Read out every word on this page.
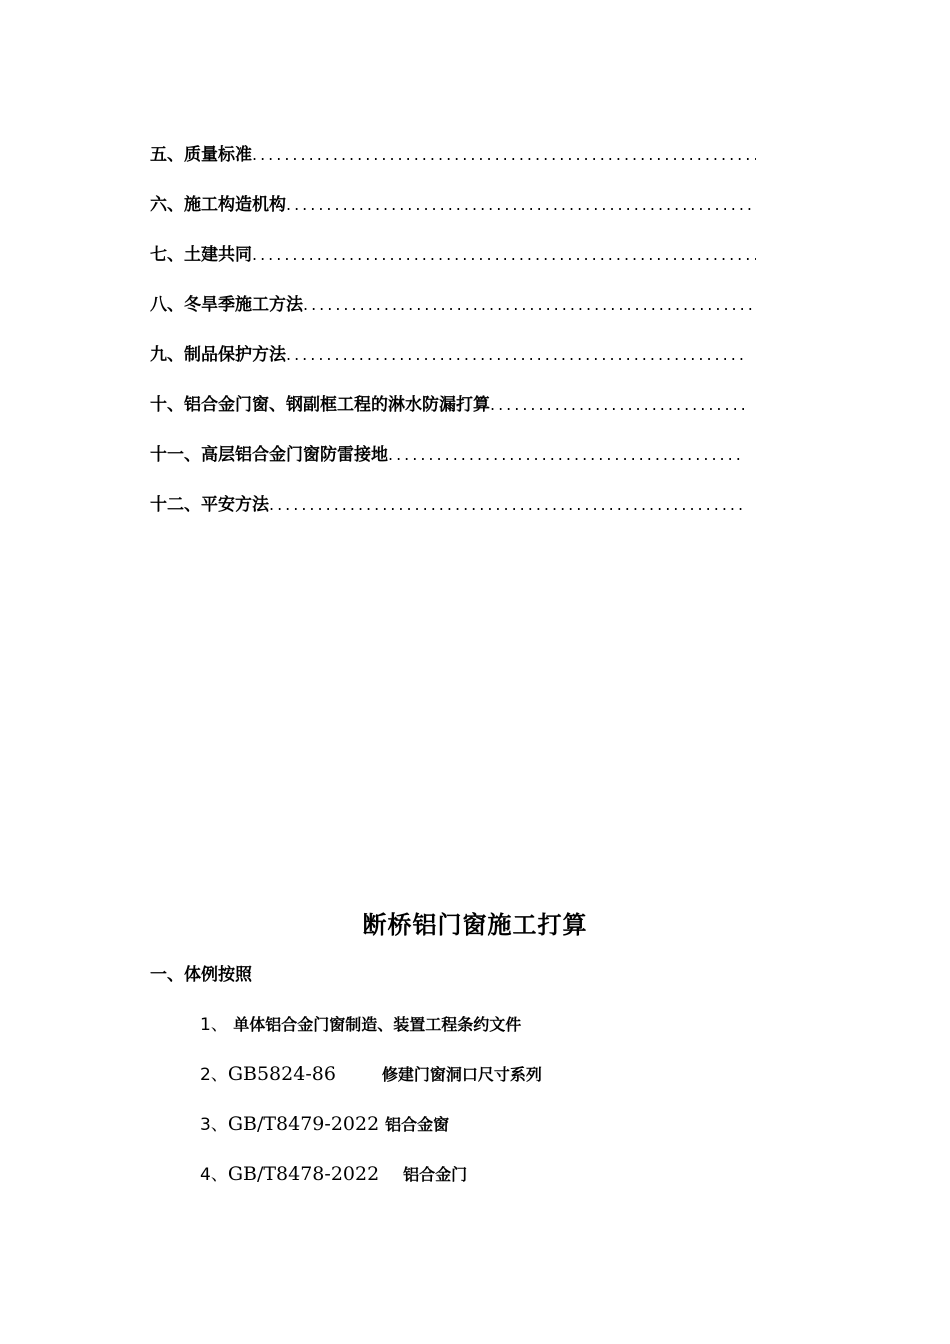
五、质量标准
.....
六、施工构造机构
.....
七、土建共同
.....
八、冬旱季施工方法
.....
九、制品保护方法
.....
十、铝合金门窗、钢副框工程的淋水防漏打算
.....
十一、高层铝合金门窗防雷接地
.....
十二、平安方法
.....
断桥铝门窗施工打算
一、体例按照
1、 单体铝合金门窗制造、装置工程条约文件
2、GB5824-86	修建门窗洞口尺寸系列
3、GB/T8479-2022 铝合金窗
4、GB/T8478-2022 铝合金门
